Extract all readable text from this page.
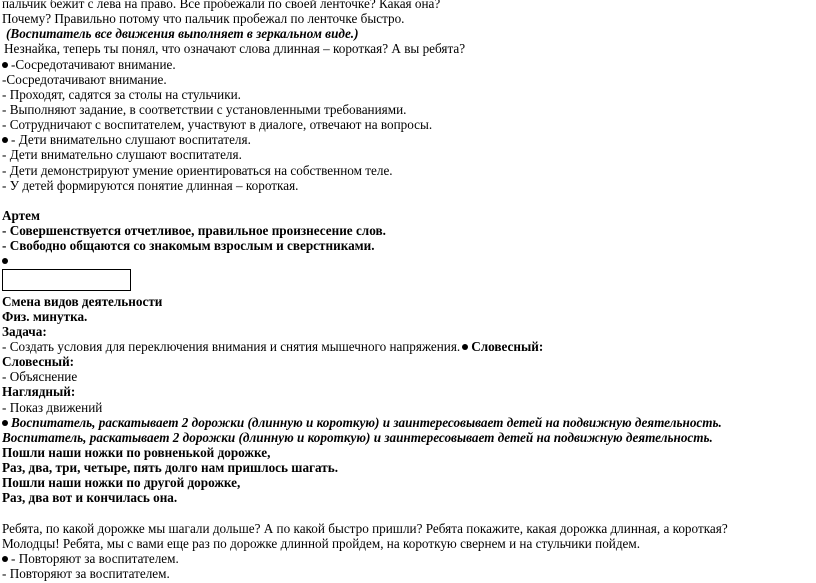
пальчик бежит с лева на право. Все пробежали по своей ленточке? Какая она?
Почему? Правильно потому что пальчик пробежал по ленточке быстро.
(Воспитатель все движения выполняет в зеркальном виде.)
Незнайка, теперь ты понял, что означают слова длинная – короткая? А вы ребята?
-Сосредотачивают внимание.
-Сосредотачивают внимание.
- Проходят, садятся за столы на стульчики.
- Выполняют задание, в соответствии с установленными требованиями.
- Сотрудничают с воспитателем, участвуют в диалоге, отвечают на вопросы.
- Дети внимательно слушают воспитателя.
- Дети внимательно слушают воспитателя.
- Дети демонстрируют умение ориентироваться на собственном теле.
- У детей формируются понятие длинная – короткая.
Артем
- Совершенствуется отчетливое, правильное произнесение слов.
- Свободно общаются со знакомым взрослым и сверстниками.
Смена видов деятельности
Физ. минутка.
Задача:
- Создать условия для переключения внимания и снятия мышечного напряжения. Словесный:
Словесный:
- Объяснение
Наглядный:
- Показ движений
Воспитатель, раскатывает 2 дорожки (длинную и короткую) и заинтересовывает детей на подвижную деятельность.
Воспитатель, раскатывает 2 дорожки (длинную и короткую) и заинтересовывает детей на подвижную деятельность.
Пошли наши ножки по ровненькой дорожке,
Раз, два, три, четыре, пять долго нам пришлось шагать.
Пошли наши ножки по другой дорожке,
Раз, два вот и кончилась она.
Ребята, по какой дорожке мы шагали дольше? А по какой быстро пришли? Ребята покажите, какая дорожка длинная, а короткая?
Молодцы! Ребята, мы с вами еще раз по дорожке длинной пройдем, на короткую свернем и на стульчики пойдем.
- Повторяют за воспитателем.
- Повторяют за воспитателем.
